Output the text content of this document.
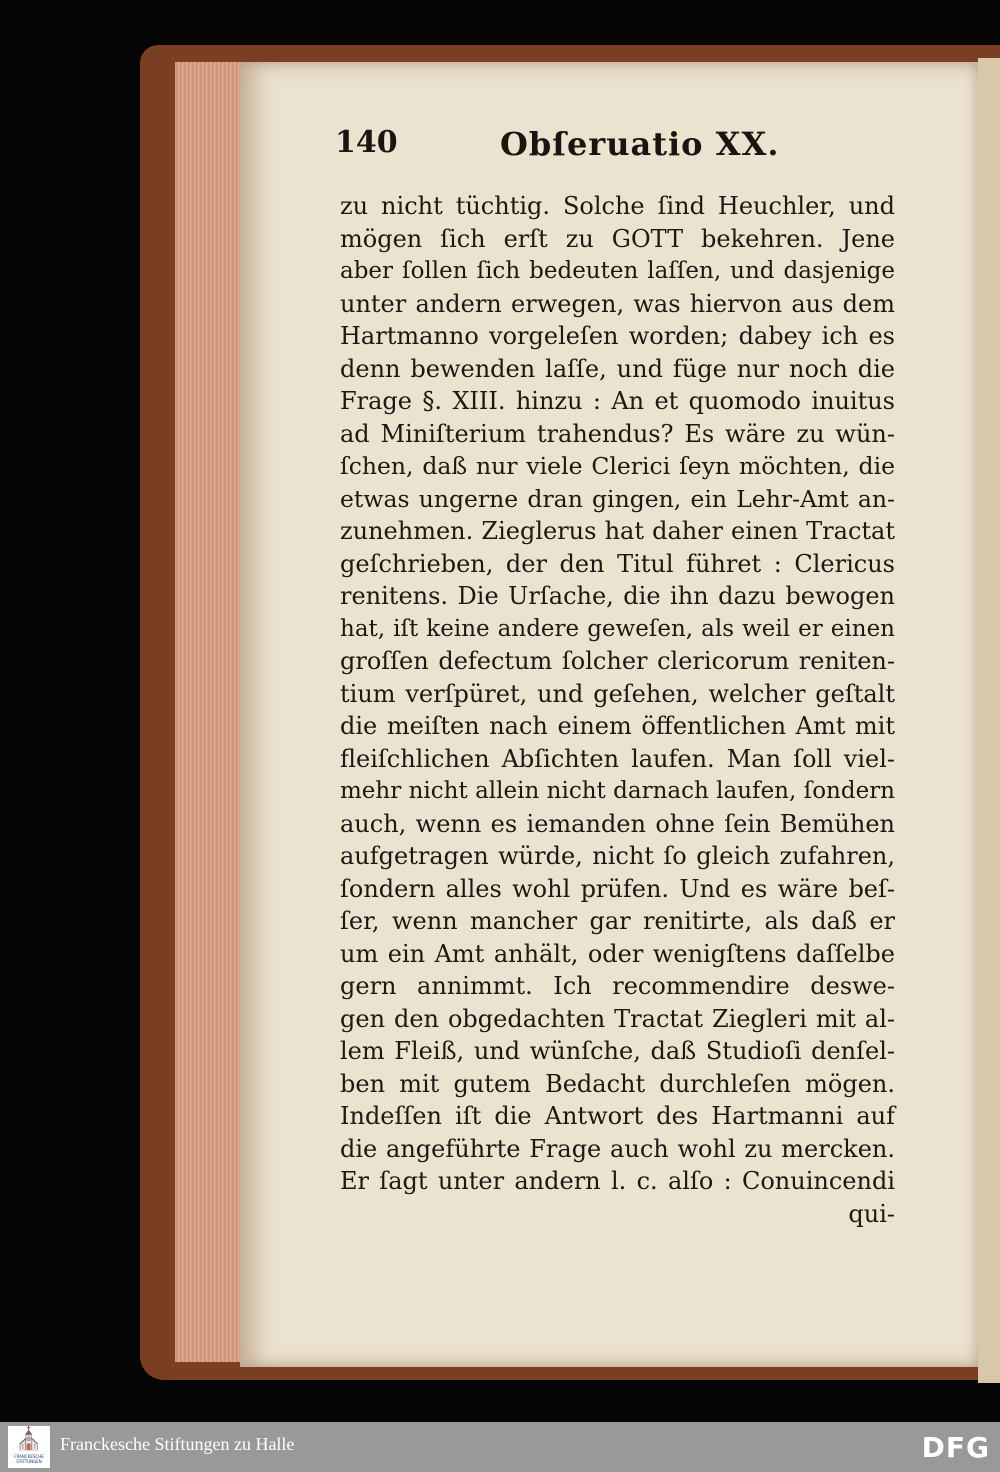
140	Obſeruatio XX.
zu nicht tüchtig. Solche ſind Heuchler, und
mögen ſich erſt zu GOTT bekehren. Jene
aber ſollen ſich bedeuten laſſen, und dasjenige
unter andern erwegen, was hiervon aus dem
Hartmanno vorgeleſen worden; dabey ich es
denn bewenden laſſe, und füge nur noch die
Frage §. XIII. hinzu : An et quomodo inuitus
ad Miniſterium trahendus? Es wäre zu wün-
ſchen, daß nur viele Clerici ſeyn möchten, die
etwas ungerne dran gingen, ein Lehr-Amt an-
zunehmen. Zieglerus hat daher einen Tractat
geſchrieben, der den Titul führet : Clericus
renitens. Die Urſache, die ihn dazu bewogen
hat, iſt keine andere geweſen, als weil er einen
groſſen defectum ſolcher clericorum reniten-
tium verſpüret, und geſehen, welcher geſtalt
die meiſten nach einem öffentlichen Amt mit
fleiſchlichen Abſichten laufen. Man ſoll viel-
mehr nicht allein nicht darnach laufen, ſondern
auch, wenn es iemanden ohne ſein Bemühen
aufgetragen würde, nicht ſo gleich zufahren,
ſondern alles wohl prüfen. Und es wäre beſ-
ſer, wenn mancher gar renitirte, als daß er
um ein Amt anhält, oder wenigſtens daſſelbe
gern annimmt. Ich recommendire deswe-
gen den obgedachten Tractat Ziegleri mit al-
lem Fleiß, und wünſche, daß Studioſi denſel-
ben mit gutem Bedacht durchleſen mögen.
Indeſſen iſt die Antwort des Hartmanni auf
die angeführte Frage auch wohl zu mercken.
Er ſagt unter andern l. c. alſo : Conuincendi
qui-
⛪
FRANCKESCHE STIFTUNGEN
Franckesche Stiftungen zu Halle	DFG
